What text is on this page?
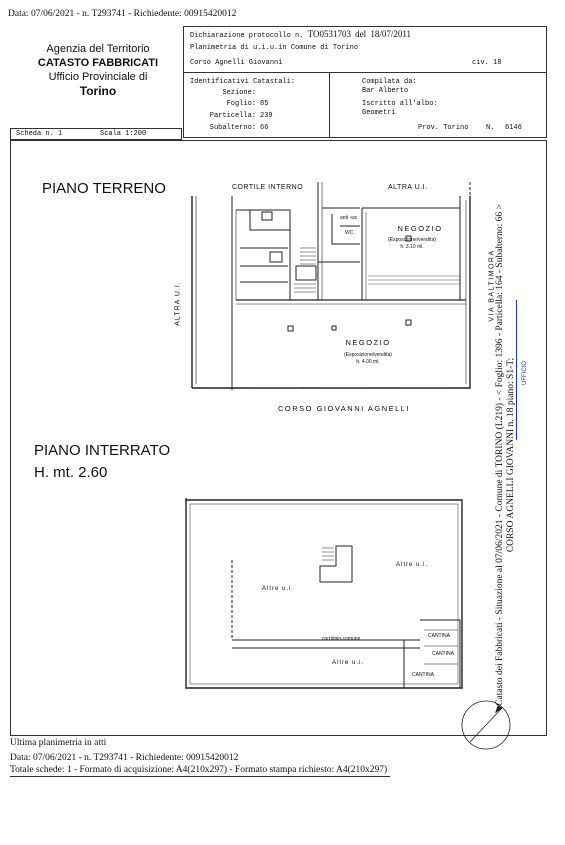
Data: 07/06/2021 - n. T293741 - Richiedente: 00915420012
Agenzia del Territorio
CATASTO FABBRICATI
Ufficio Provinciale di
Torino
Dichiarazione protocollo n. TO0531703 del 18/07/2011
Planimetria di u.i.u.in Comune di Torino
Corso Agnelli Giovanni	civ. 18
Identificativi Catastali:
Sezione:
Foglio: 85
Particella: 239
Subalterno: 66
Compilata da:
Bar Alberto
Iscritto all'albo:
Geometri
Prov. Torino	N. 6146
Scheda n. 1	Scala 1:200
PIANO TERRENO	CORTILE INTERNO	ALTRA U.I.
ALTRA U.I.	VIA BALTIMORA
CORSO GIOVANNI AGNELLI
NEGOZIO
(Esposizione/vendita)
h. 3.10 ml.
NEGOZIO
(Esposizione/vendita)
h. 4.00 ml.
anti -wc
WC
PIANO INTERRATO
H. mt. 2.60
Altre u.i.
Altre u.i.
Altre u.i.
corridoio comune	CANTINA
CANTINA
CANTINA	Catasto dei Fabbricati - Situazione al 07/06/2021 - Comune di TORINO (L219) - < Foglio: 1396 - Particella: 164 - Subalterno: 66 > CORSO AGNELLI GIOVANNI n. 18 piano: S1-T; UFFICIO
Ultima planimetria in atti
Data: 07/06/2021 - n. T293741 - Richiedente: 00915420012
Totale schede: 1 - Formato di acquisizione: A4(210x297) - Formato stampa richiesto: A4(210x297)
